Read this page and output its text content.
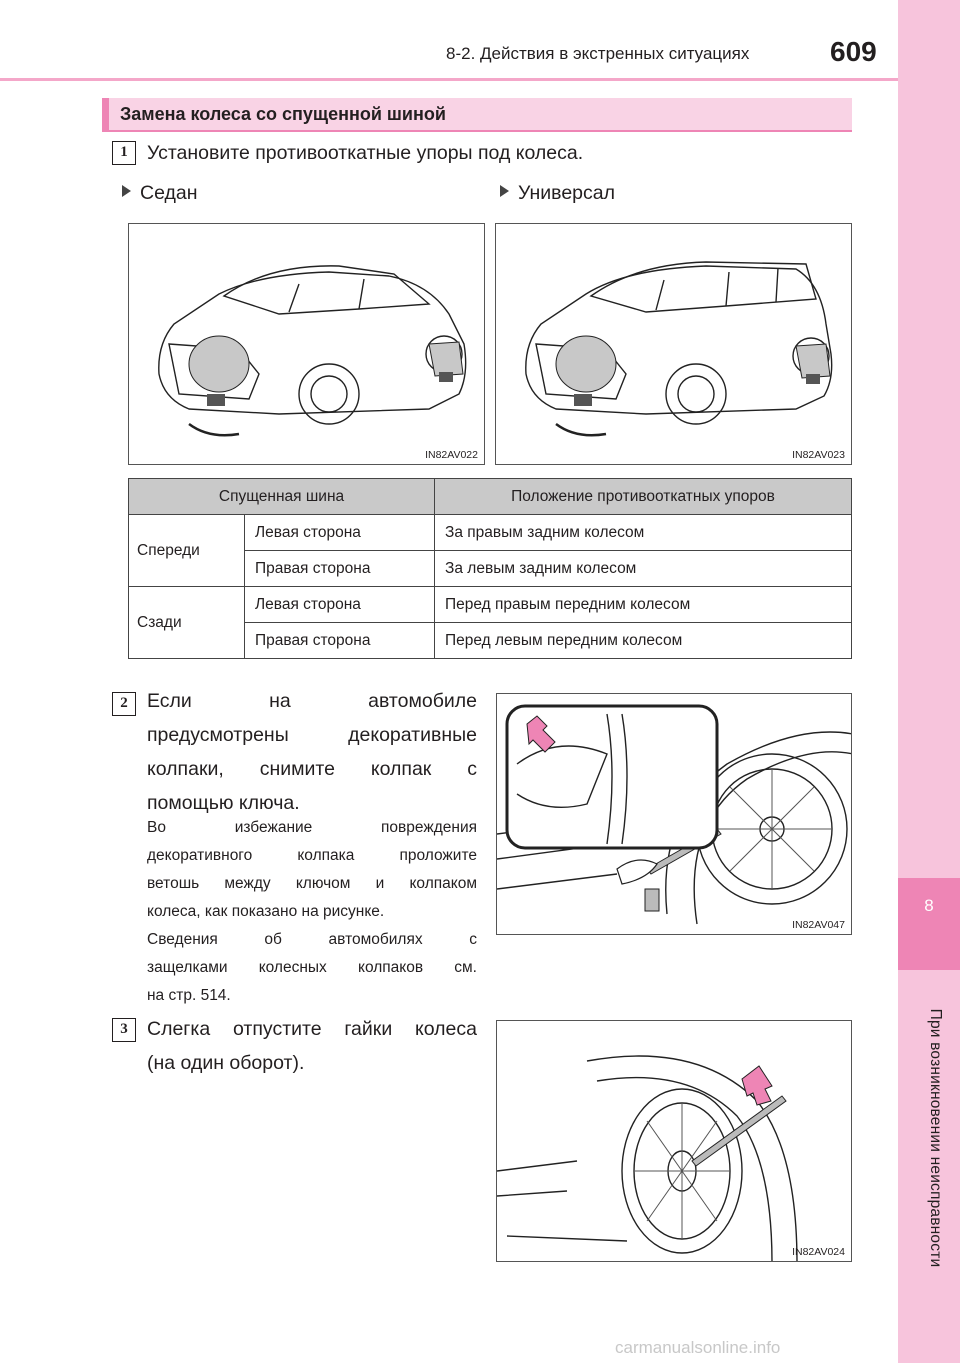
8-2. Действия в экстренных ситуациях	609
8
При возникновении неисправности
Замена колеса со спущенной шиной
1 Установите противооткатные упоры под колеса.
Седан	Универсал
IN82AV022	IN82AV023
Спущенная шина		Положение противооткатных упоров
Спереди	Левая сторона	За правым задним колесом
	Правая сторона	За левым задним колесом
Сзади	Левая сторона	Перед правым передним колесом
	Правая сторона	Перед левым передним колесом
2 Если на автомобиле
предусмотрены декоративные
колпаки, снимите колпак с
помощью ключа.
Во избежание повреждения
декоративного колпака проложите
ветошь между ключом и колпаком
колеса, как показано на рисунке.
Сведения об автомобилях с
защелками колесных колпаков см.
на стр. 514.
IN82AV047
3 Слегка отпустите гайки колеса
(на один оборот).
IN82AV024
carmanualsonline.info
